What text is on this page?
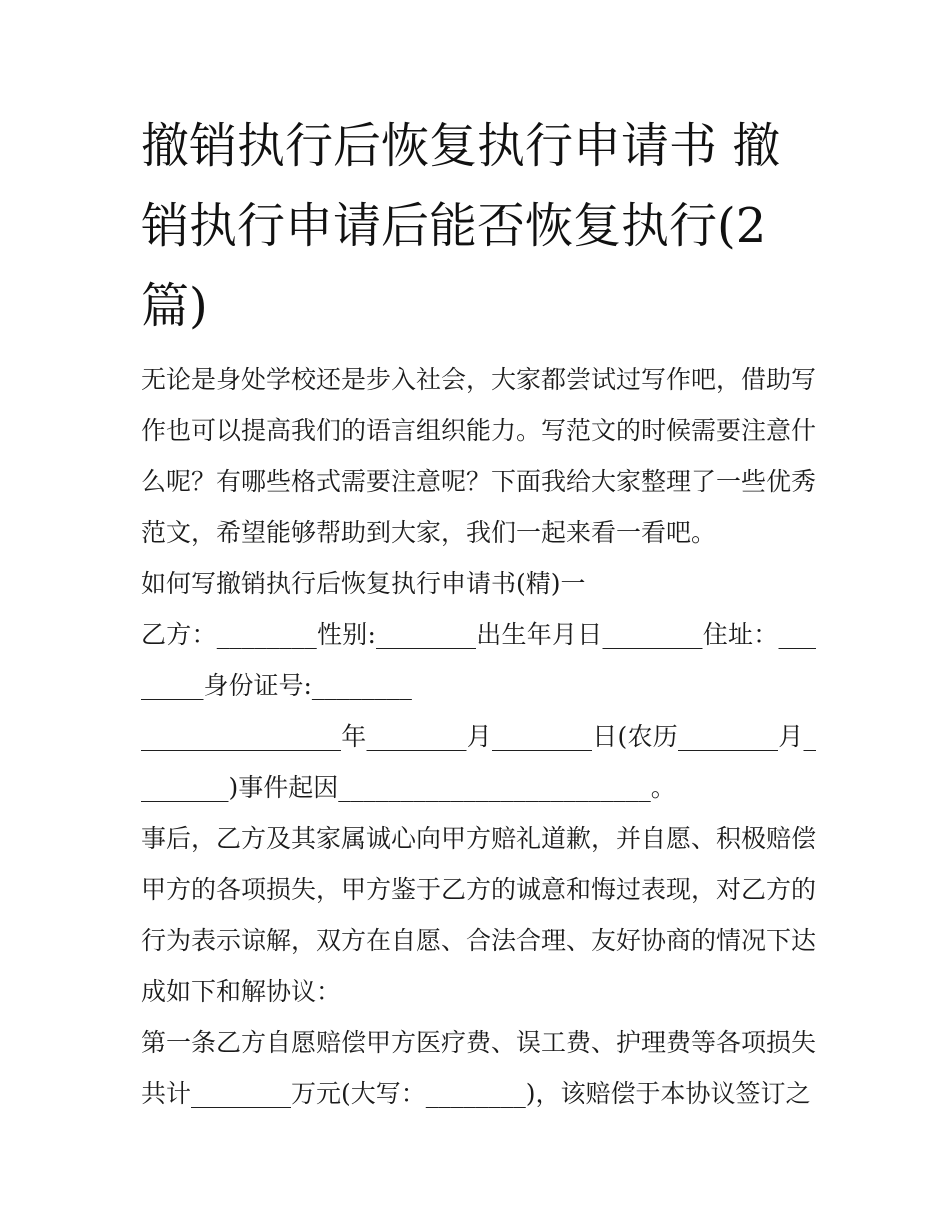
撤销执行后恢复执行申请书 撤销执行申请后能否恢复执行(2篇)

无论是身处学校还是步入社会，大家都尝试过写作吧，借助写作也可以提高我们的语言组织能力。写范文的时候需要注意什么呢？有哪些格式需要注意呢？下面我给大家整理了一些优秀范文，希望能够帮助到大家，我们一起来看一看吧。

如何写撤销执行后恢复执行申请书(精)一

乙方：________性别:________出生年月日________住址：________身份证号:________

________________年________月________日(农历________月________)事件起因_________________________。

事后，乙方及其家属诚心向甲方赔礼道歉，并自愿、积极赔偿甲方的各项损失，甲方鉴于乙方的诚意和悔过表现，对乙方的行为表示谅解，双方在自愿、合法合理、友好协商的情况下达成如下和解协议：

第一条乙方自愿赔偿甲方医疗费、误工费、护理费等各项损失共计________万元(大写：________)，该赔偿于本协议签订之
